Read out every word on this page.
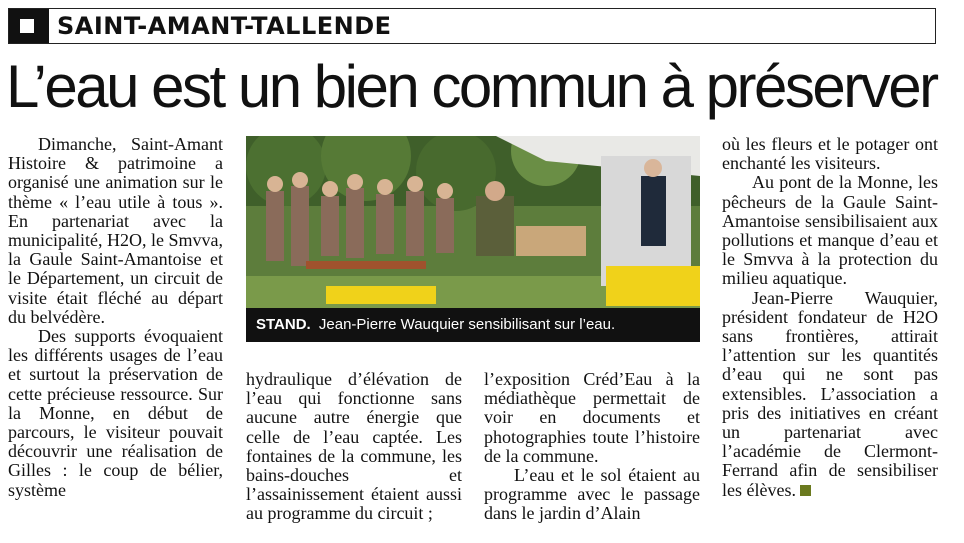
SAINT-AMANT-TALLENDE
L’eau est un bien commun à préserver

Dimanche, Saint-Amant Histoire & patrimoine a organisé une animation sur le thème « l’eau utile à tous ». En partenariat avec la municipalité, H2O, le Smvva, la Gaule Saint-Amantoise et le Département, un circuit de visite était fléché au départ du belvédère.

Des supports évoquaient les différents usages de l’eau et surtout la préservation de cette précieuse ressource. Sur la Monne, en début de parcours, le visiteur pouvait découvrir une réalisation de Gilles : le coup de bélier, système

STAND. Jean-Pierre Wauquier sensibilisant sur l’eau.

hydraulique d’élévation de l’eau qui fonctionne sans aucune autre énergie que celle de l’eau captée. Les fontaines de la commune, les bains-douches et l’assainissement étaient aussi au programme du circuit ;

l’exposition Créd’Eau à la médiathèque permettait de voir en documents et photographies toute l’histoire de la commune.

L’eau et le sol étaient au programme avec le passage dans le jardin d’Alain

où les fleurs et le potager ont enchanté les visiteurs.

Au pont de la Monne, les pêcheurs de la Gaule Saint-Amantoise sensibilisaient aux pollutions et manque d’eau et le Smvva à la protection du milieu aquatique.

Jean-Pierre Wauquier, président fondateur de H2O sans frontières, attirait l’attention sur les quantités d’eau qui ne sont pas extensibles. L’association a pris des initiatives en créant un partenariat avec l’académie de Clermont-Ferrand afin de sensibiliser les élèves.
